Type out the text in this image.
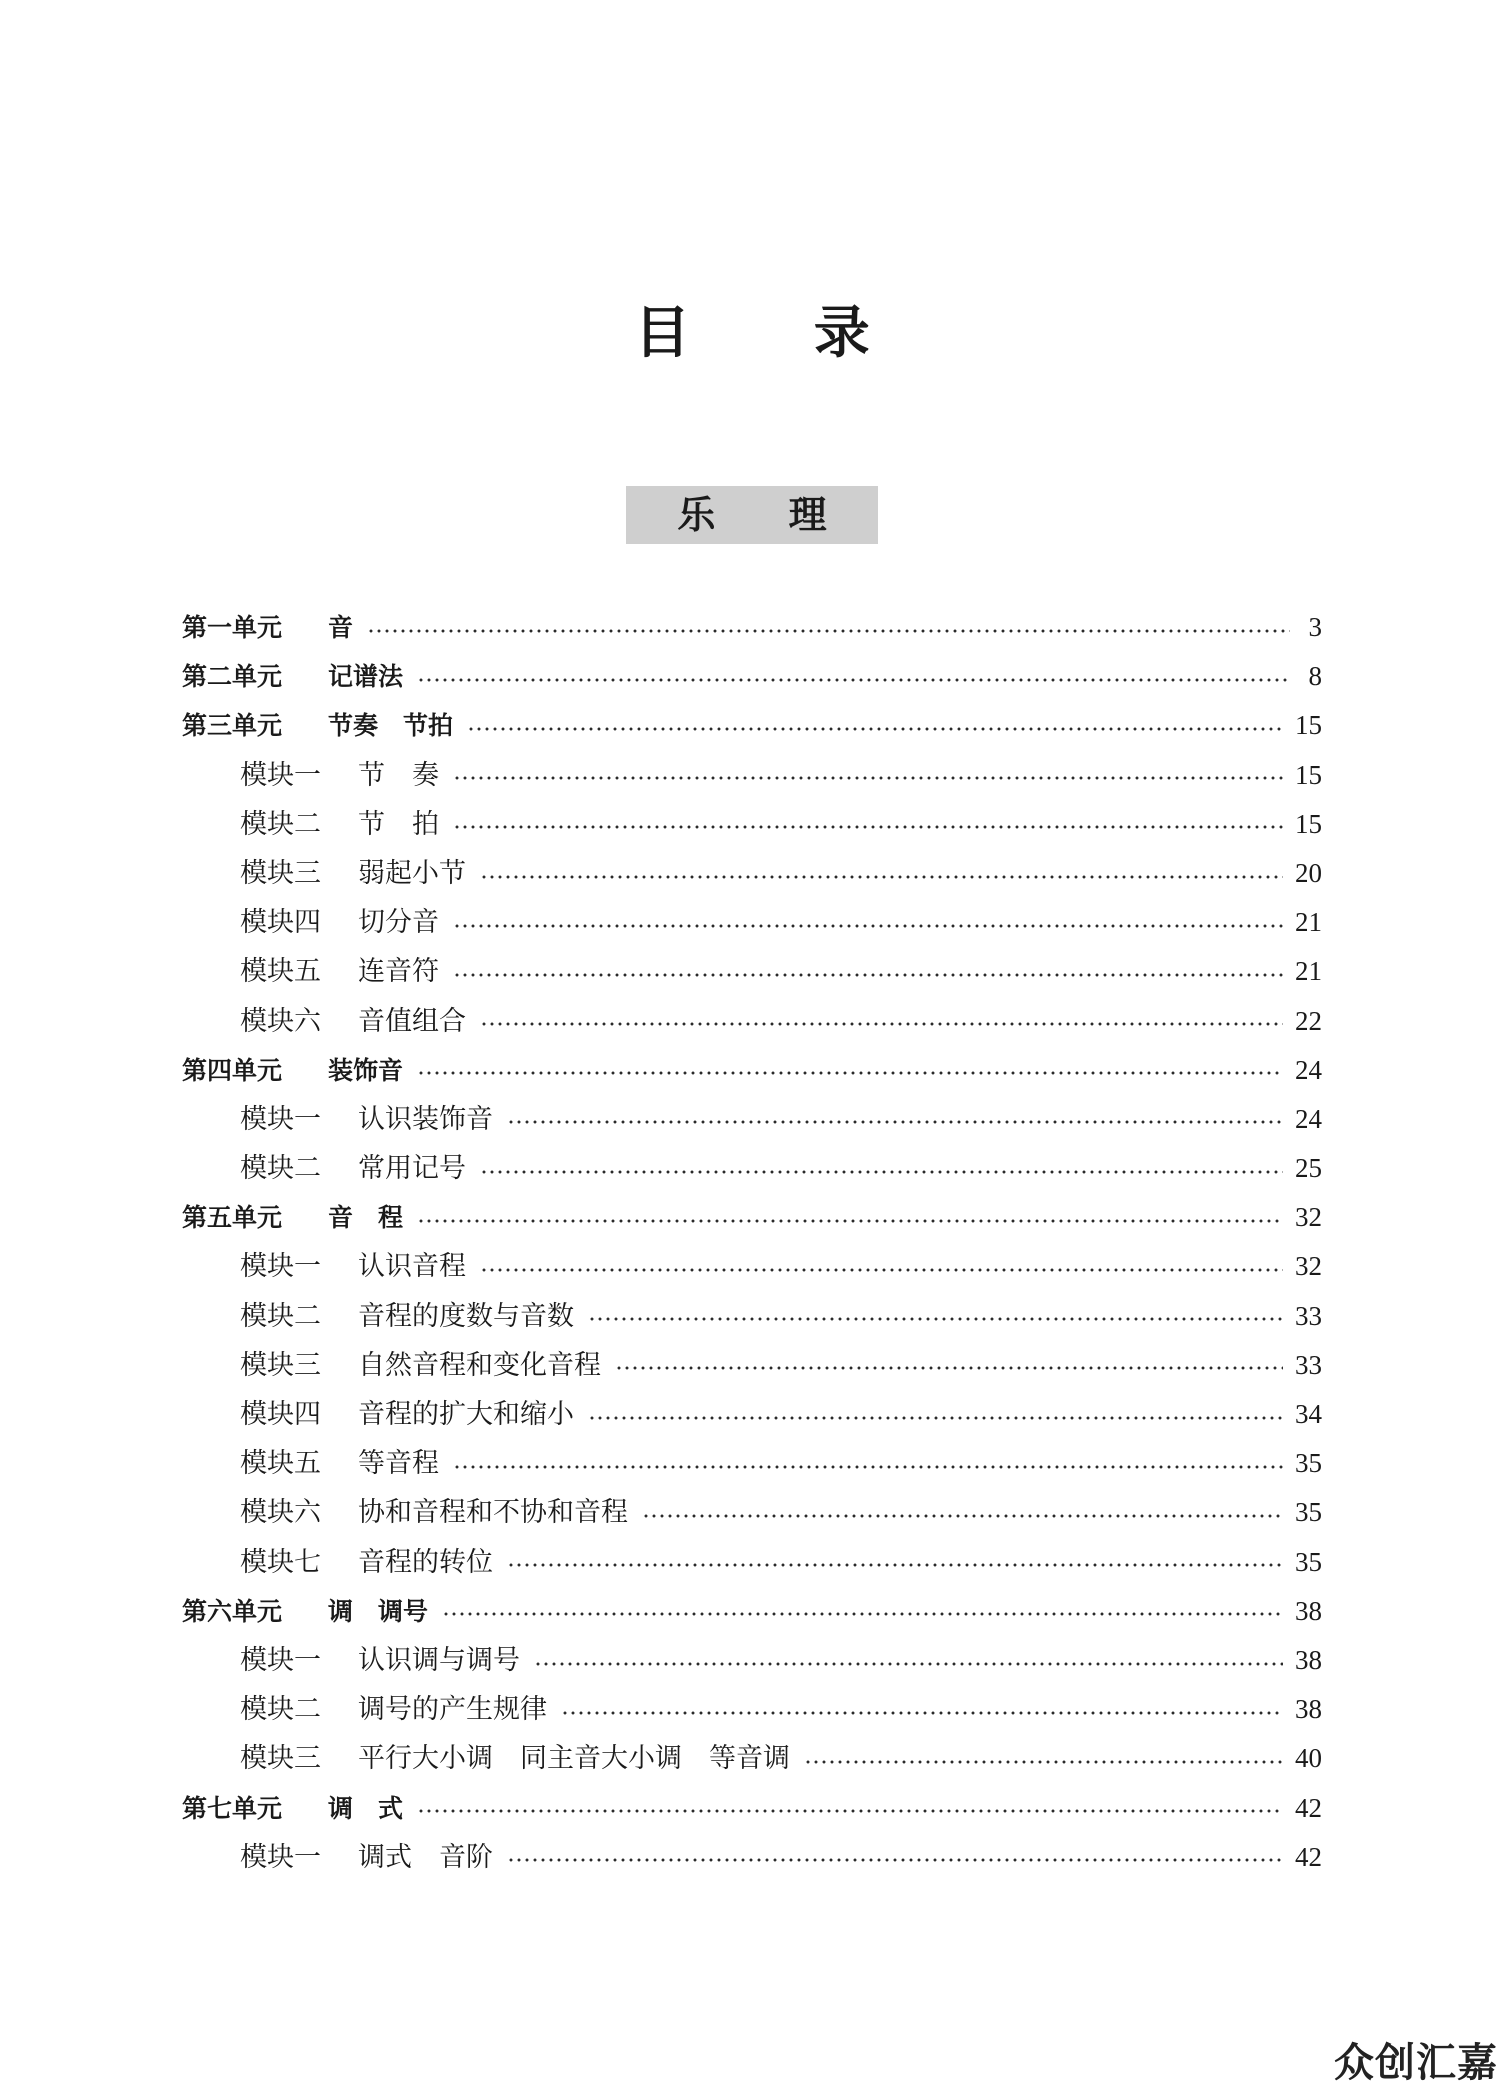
目 录
乐 理
第一单元	音	3
第二单元	记谱法	8
第三单元	节奏　节拍	15
模块一	节　奏	15
模块二	节　拍	15
模块三	弱起小节	20
模块四	切分音	21
模块五	连音符	21
模块六	音值组合	22
第四单元	装饰音	24
模块一	认识装饰音	24
模块二	常用记号	25
第五单元	音　程	32
模块一	认识音程	32
模块二	音程的度数与音数	33
模块三	自然音程和变化音程	33
模块四	音程的扩大和缩小	34
模块五	等音程	35
模块六	协和音程和不协和音程	35
模块七	音程的转位	35
第六单元	调　调号	38
模块一	认识调与调号	38
模块二	调号的产生规律	38
模块三	平行大小调　同主音大小调　等音调	40
第七单元	调　式	42
模块一	调式　音阶	42
众创汇嘉
